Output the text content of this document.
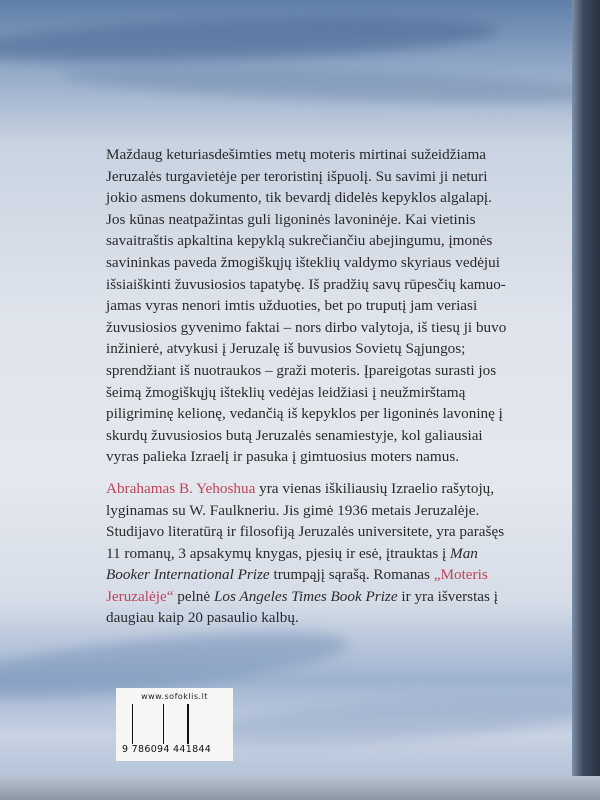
Maždaug keturiasdešimties metų moteris mirtinai sužeidžiama
Jeruzalės turgavietėje per teroristinį išpuolį. Su savimi ji neturi
jokio asmens dokumento, tik bevardį didelės kepyklos algalapį.
Jos kūnas neatpažintas guli ligoninės lavoninėje. Kai vietinis
savaitraštis apkaltina kepyklą sukrečiančiu abejingumu, įmonės
savininkas paveda žmogiškųjų išteklių valdymo skyriaus vedėjui
išsiaiškinti žuvusiosios tapatybę. Iš pradžių savų rūpesčių kamuo-
jamas vyras nenori imtis užduoties, bet po truputį jam veriasi
žuvusiosios gyvenimo faktai – nors dirbo valytoja, iš tiesų ji buvo
inžinierė, atvykusi į Jeruzalę iš buvusios Sovietų Sąjungos;
sprendžiant iš nuotraukos – graži moteris. Įpareigotas surasti jos
šeimą žmogiškųjų išteklių vedėjas leidžiasi į neužmirštamą
piligriminę kelionę, vedančią iš kepyklos per ligoninės lavoninę į
skurdų žuvusiosios butą Jeruzalės senamiestyje, kol galiausiai
vyras palieka Izraelį ir pasuka į gimtuosius moters namus.
Abrahamas B. Yehoshua yra vienas iškiliausių Izraelio rašytojų,
lyginamas su W. Faulkneriu. Jis gimė 1936 metais Jeruzalėje.
Studijavo literatūrą ir filosofiją Jeruzalės universitete, yra parašęs
11 romanų, 3 apsakymų knygas, pjesių ir esė, įtrauktas į Man
Booker International Prize trumpąjį sąrašą. Romanas „Moteris
Jeruzalėje“ pelnė Los Angeles Times Book Prize ir yra išverstas į
daugiau kaip 20 pasaulio kalbų.
www.sofoklis.lt
9 786094 441844
